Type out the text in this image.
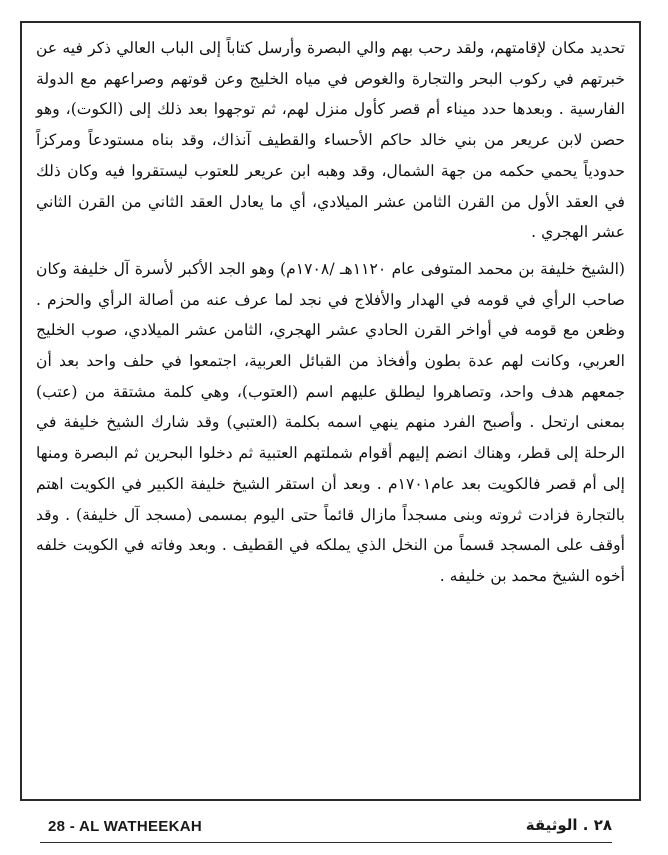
تحديد مكان لإقامتهم، ولقد رحب بهم والي البصرة وأرسل كتاباً إلى الباب العالي ذكر فيه عن خبرتهم في ركوب البحر والتجارة والغوص في مياه الخليج وعن قوتهم وصراعهم مع الدولة الفارسية . وبعدها حدد ميناء أم قصر كأول منزل لهم، ثم توجهوا بعد ذلك إلى (الكوت)، وهو حصن لابن عريعر من بني خالد حاكم الأحساء والقطيف آنذاك، وقد بناه مستودعاً ومركزاً حدودياً يحمي حكمه من جهة الشمال، وقد وهبه ابن عريعر للعتوب ليستقروا فيه وكان ذلك في العقد الأول من القرن الثامن عشر الميلادي، أي ما يعادل العقد الثاني من القرن الثاني عشر الهجري .

(الشيخ خليفة بن محمد المتوفى عام ١١٢٠هـ /١٧٠٨م) وهو الجد الأكبر لأسرة آل خليفة وكان صاحب الرأي في قومه في الهدار والأفلاج في نجد لما عرف عنه من أصالة الرأي والحزم . وظعن مع قومه في أواخر القرن الحادي عشر الهجري، الثامن عشر الميلادي، صوب الخليج العربي، وكانت لهم عدة بطون وأفخاذ من القبائل العربية، اجتمعوا في حلف واحد بعد أن جمعهم هدف واحد، وتصاهروا ليطلق عليهم اسم (العتوب)، وهي كلمة مشتقة من (عتب) بمعنى ارتحل . وأصبح الفرد منهم ينهي اسمه بكلمة (العتبي) وقد شارك الشيخ خليفة في الرحلة إلى قطر، وهناك انضم إليهم أقوام شملتهم العتبية ثم دخلوا البحرين ثم البصرة ومنها إلى أم قصر فالكويت بعد عام١٧٠١م . وبعد أن استقر الشيخ خليفة الكبير في الكويت اهتم بالتجارة فزادت ثروته وبنى مسجداً مازال قائماً حتى اليوم بمسمى (مسجد آل خليفة) . وقد أوقف على المسجد قسماً من النخل الذي يملكه في القطيف . وبعد وفاته في الكويت خلفه أخوه الشيخ محمد بن خليفه .

28 - AL WATHEEKAH	٢٨ . الوثيقة
